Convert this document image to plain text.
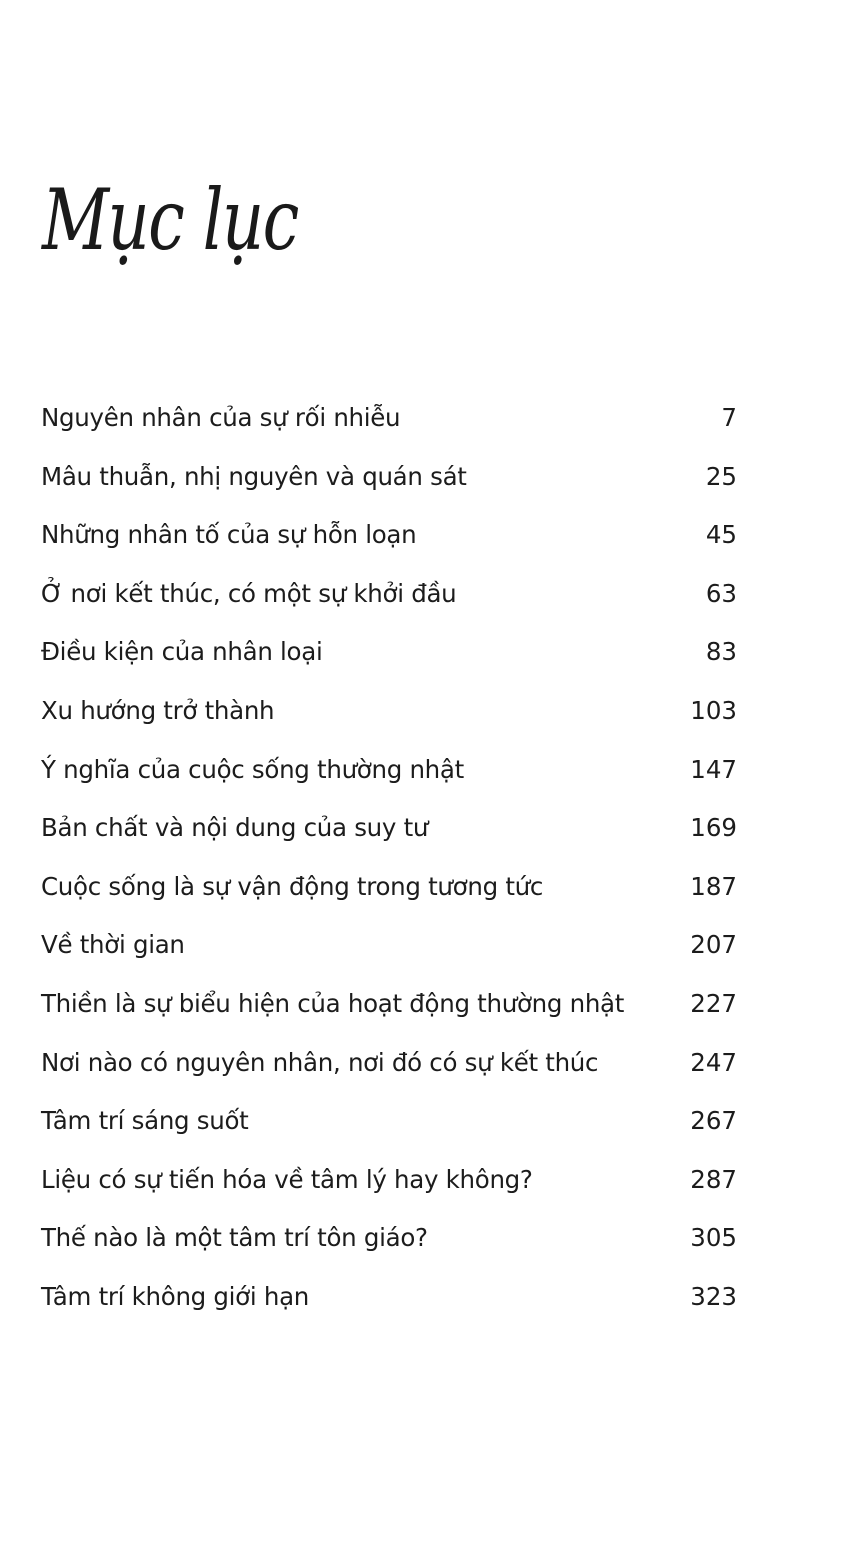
Mục lục
Nguyên nhân của sự rối nhiễu	7
Mâu thuẫn, nhị nguyên và quán sát	25
Những nhân tố của sự hỗn loạn	45
Ở nơi kết thúc, có một sự khởi đầu	63
Điều kiện của nhân loại	83
Xu hướng trở thành	103
Ý nghĩa của cuộc sống thường nhật	147
Bản chất và nội dung của suy tư	169
Cuộc sống là sự vận động trong tương tức	187
Về thời gian	207
Thiền là sự biểu hiện của hoạt động thường nhật	227
Nơi nào có nguyên nhân, nơi đó có sự kết thúc	247
Tâm trí sáng suốt	267
Liệu có sự tiến hóa về tâm lý hay không?	287
Thế nào là một tâm trí tôn giáo?	305
Tâm trí không giới hạn	323
